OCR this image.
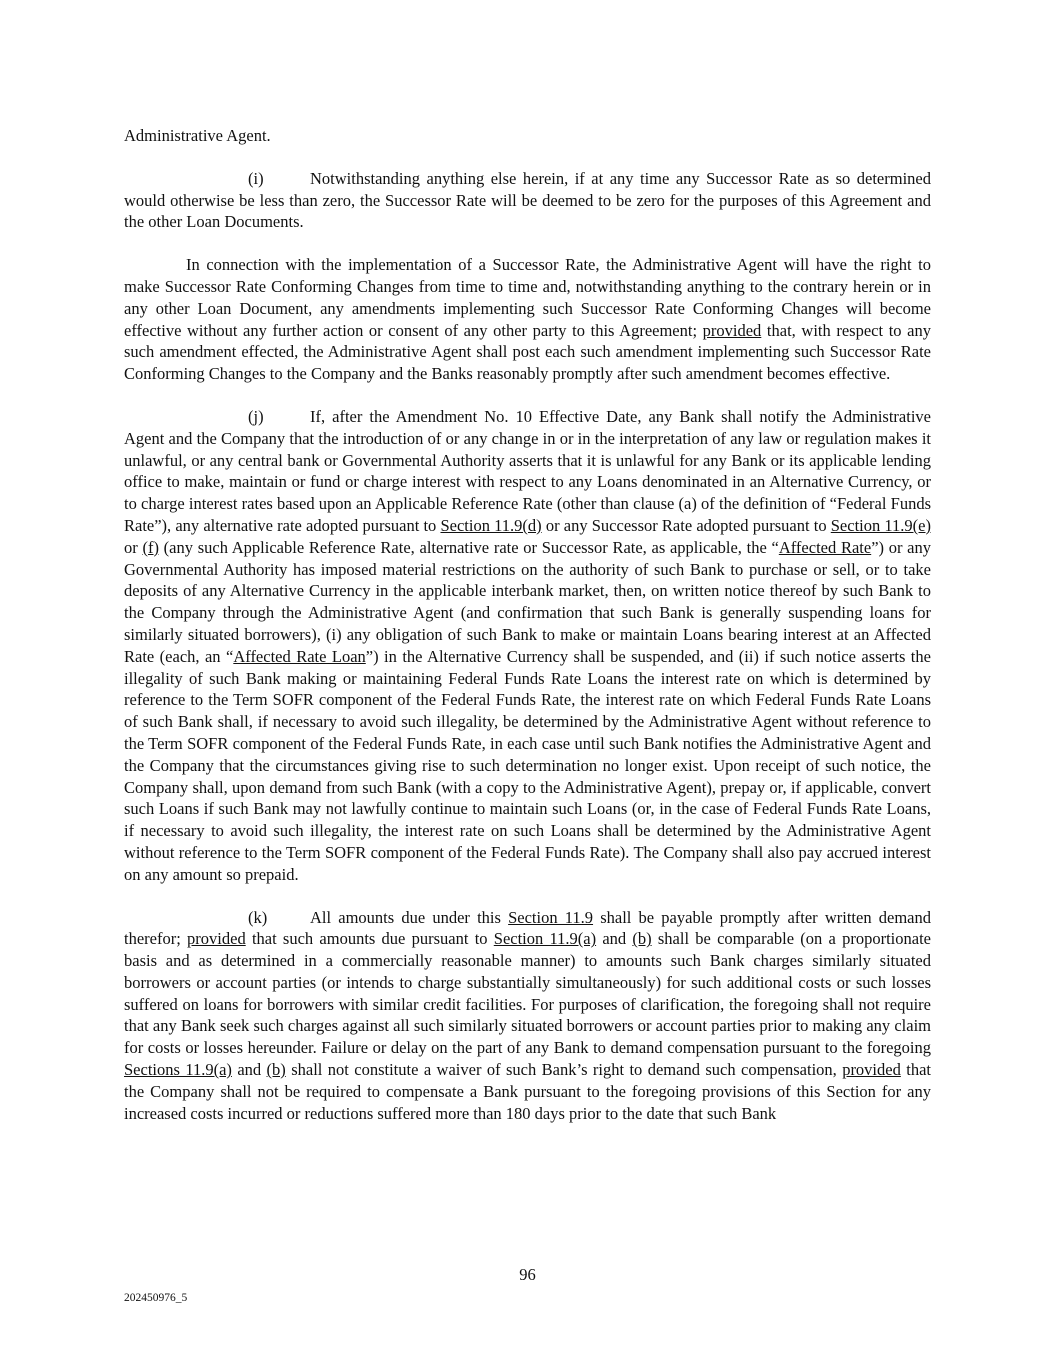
Administrative Agent.

(i)	Notwithstanding anything else herein, if at any time any Successor Rate as so determined would otherwise be less than zero, the Successor Rate will be deemed to be zero for the purposes of this Agreement and the other Loan Documents.

In connection with the implementation of a Successor Rate, the Administrative Agent will have the right to make Successor Rate Conforming Changes from time to time and, notwithstanding anything to the contrary herein or in any other Loan Document, any amendments implementing such Successor Rate Conforming Changes will become effective without any further action or consent of any other party to this Agreement; provided that, with respect to any such amendment effected, the Administrative Agent shall post each such amendment implementing such Successor Rate Conforming Changes to the Company and the Banks reasonably promptly after such amendment becomes effective.

(j)	If, after the Amendment No. 10 Effective Date, any Bank shall notify the Administrative Agent and the Company that the introduction of or any change in or in the interpretation of any law or regulation makes it unlawful, or any central bank or Governmental Authority asserts that it is unlawful for any Bank or its applicable lending office to make, maintain or fund or charge interest with respect to any Loans denominated in an Alternative Currency, or to charge interest rates based upon an Applicable Reference Rate (other than clause (a) of the definition of “Federal Funds Rate”), any alternative rate adopted pursuant to Section 11.9(d) or any Successor Rate adopted pursuant to Section 11.9(e) or (f) (any such Applicable Reference Rate, alternative rate or Successor Rate, as applicable, the “Affected Rate”) or any Governmental Authority has imposed material restrictions on the authority of such Bank to purchase or sell, or to take deposits of any Alternative Currency in the applicable interbank market, then, on written notice thereof by such Bank to the Company through the Administrative Agent (and confirmation that such Bank is generally suspending loans for similarly situated borrowers), (i) any obligation of such Bank to make or maintain Loans bearing interest at an Affected Rate (each, an “Affected Rate Loan”) in the Alternative Currency shall be suspended, and (ii) if such notice asserts the illegality of such Bank making or maintaining Federal Funds Rate Loans the interest rate on which is determined by reference to the Term SOFR component of the Federal Funds Rate, the interest rate on which Federal Funds Rate Loans of such Bank shall, if necessary to avoid such illegality, be determined by the Administrative Agent without reference to the Term SOFR component of the Federal Funds Rate, in each case until such Bank notifies the Administrative Agent and the Company that the circumstances giving rise to such determination no longer exist. Upon receipt of such notice, the Company shall, upon demand from such Bank (with a copy to the Administrative Agent), prepay or, if applicable, convert such Loans if such Bank may not lawfully continue to maintain such Loans (or, in the case of Federal Funds Rate Loans, if necessary to avoid such illegality, the interest rate on such Loans shall be determined by the Administrative Agent without reference to the Term SOFR component of the Federal Funds Rate). The Company shall also pay accrued interest on any amount so prepaid.

(k)	All amounts due under this Section 11.9 shall be payable promptly after written demand therefor; provided that such amounts due pursuant to Section 11.9(a) and (b) shall be comparable (on a proportionate basis and as determined in a commercially reasonable manner) to amounts such Bank charges similarly situated borrowers or account parties (or intends to charge substantially simultaneously) for such additional costs or such losses suffered on loans for borrowers with similar credit facilities. For purposes of clarification, the foregoing shall not require that any Bank seek such charges against all such similarly situated borrowers or account parties prior to making any claim for costs or losses hereunder. Failure or delay on the part of any Bank to demand compensation pursuant to the foregoing Sections 11.9(a) and (b) shall not constitute a waiver of such Bank’s right to demand such compensation, provided that the Company shall not be required to compensate a Bank pursuant to the foregoing provisions of this Section for any increased costs incurred or reductions suffered more than 180 days prior to the date that such Bank

96
202450976_5
